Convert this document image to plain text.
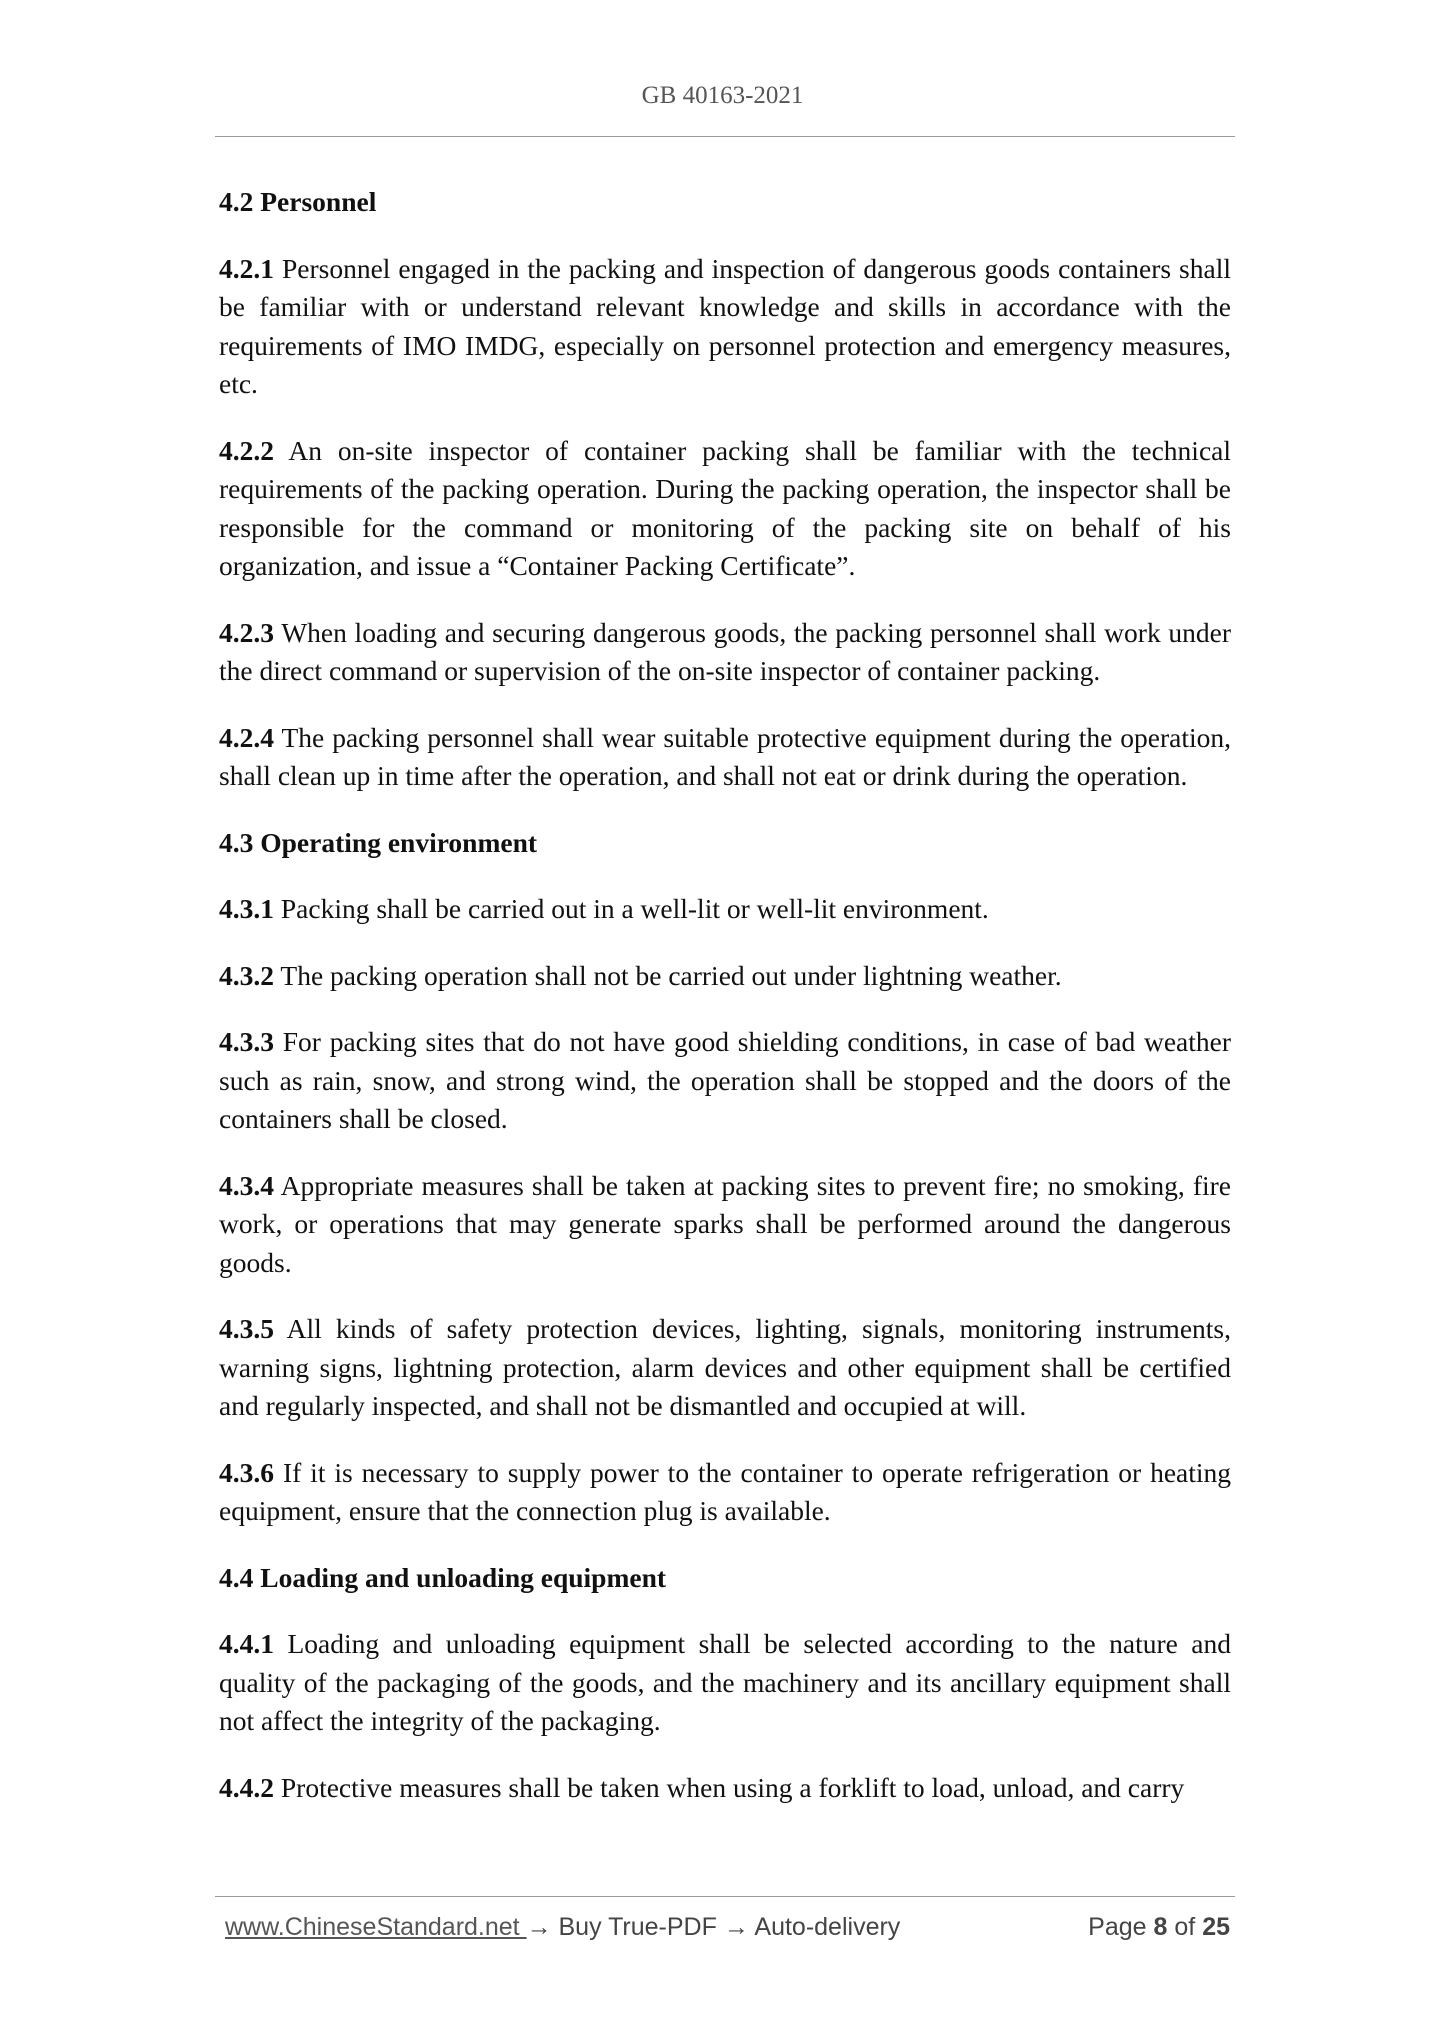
GB 40163-2021
4.2 Personnel
4.2.1 Personnel engaged in the packing and inspection of dangerous goods containers shall be familiar with or understand relevant knowledge and skills in accordance with the requirements of IMO IMDG, especially on personnel protection and emergency measures, etc.
4.2.2 An on-site inspector of container packing shall be familiar with the technical requirements of the packing operation. During the packing operation, the inspector shall be responsible for the command or monitoring of the packing site on behalf of his organization, and issue a “Container Packing Certificate”.
4.2.3 When loading and securing dangerous goods, the packing personnel shall work under the direct command or supervision of the on-site inspector of container packing.
4.2.4 The packing personnel shall wear suitable protective equipment during the operation, shall clean up in time after the operation, and shall not eat or drink during the operation.
4.3 Operating environment
4.3.1 Packing shall be carried out in a well-lit or well-lit environment.
4.3.2 The packing operation shall not be carried out under lightning weather.
4.3.3 For packing sites that do not have good shielding conditions, in case of bad weather such as rain, snow, and strong wind, the operation shall be stopped and the doors of the containers shall be closed.
4.3.4 Appropriate measures shall be taken at packing sites to prevent fire; no smoking, fire work, or operations that may generate sparks shall be performed around the dangerous goods.
4.3.5 All kinds of safety protection devices, lighting, signals, monitoring instruments, warning signs, lightning protection, alarm devices and other equipment shall be certified and regularly inspected, and shall not be dismantled and occupied at will.
4.3.6 If it is necessary to supply power to the container to operate refrigeration or heating equipment, ensure that the connection plug is available.
4.4 Loading and unloading equipment
4.4.1 Loading and unloading equipment shall be selected according to the nature and quality of the packaging of the goods, and the machinery and its ancillary equipment shall not affect the integrity of the packaging.
4.4.2 Protective measures shall be taken when using a forklift to load, unload, and carry
www.ChineseStandard.net → Buy True-PDF → Auto-delivery	Page 8 of 25
